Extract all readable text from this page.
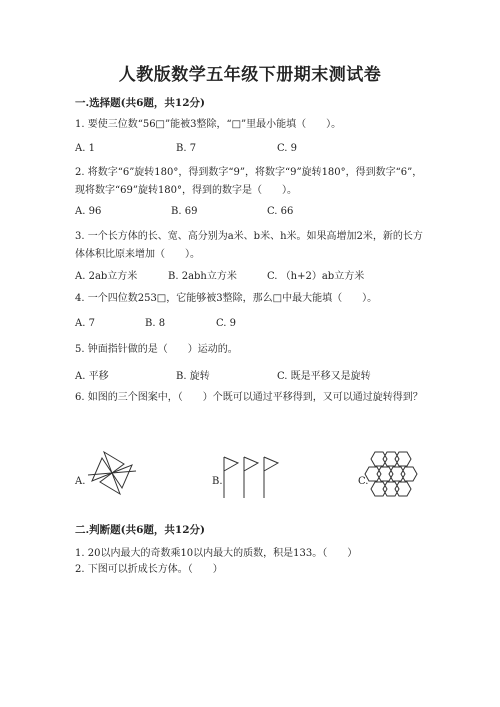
人教版数学五年级下册期末测试卷
一.选择题(共6题，共12分)
1. 要使三位数“56□”能被3整除，“□”里最小能填（　　）。
A. 1	B. 7	C. 9
2. 将数字“6”旋转180°，得到数字“9”，将数字“9”旋转180°，得到数字“6”，现将数字“69”旋转180°，得到的数字是（　　）。
A. 96	B. 69	C. 66
3. 一个长方体的长、宽、高分别为a米、b米、h米。如果高增加2米，新的长方体体积比原来增加（　　）。
A. 2ab立方米	B. 2abh立方米	C. （h+2）ab立方米
4. 一个四位数253□，它能够被3整除，那么□中最大能填（　　）。
A. 7	B. 8	C. 9
5. 钟面指针做的是（　　）运动的。
A. 平移	B. 旋转	C. 既是平移又是旋转
6. 如图的三个图案中，（　　）个既可以通过平移得到，又可以通过旋转得到？
A.	B.	C.
二.判断题(共6题，共12分)
1. 20以内最大的奇数乘10以内最大的质数，积是133。（　　）
2. 下图可以折成长方体。（　　）
